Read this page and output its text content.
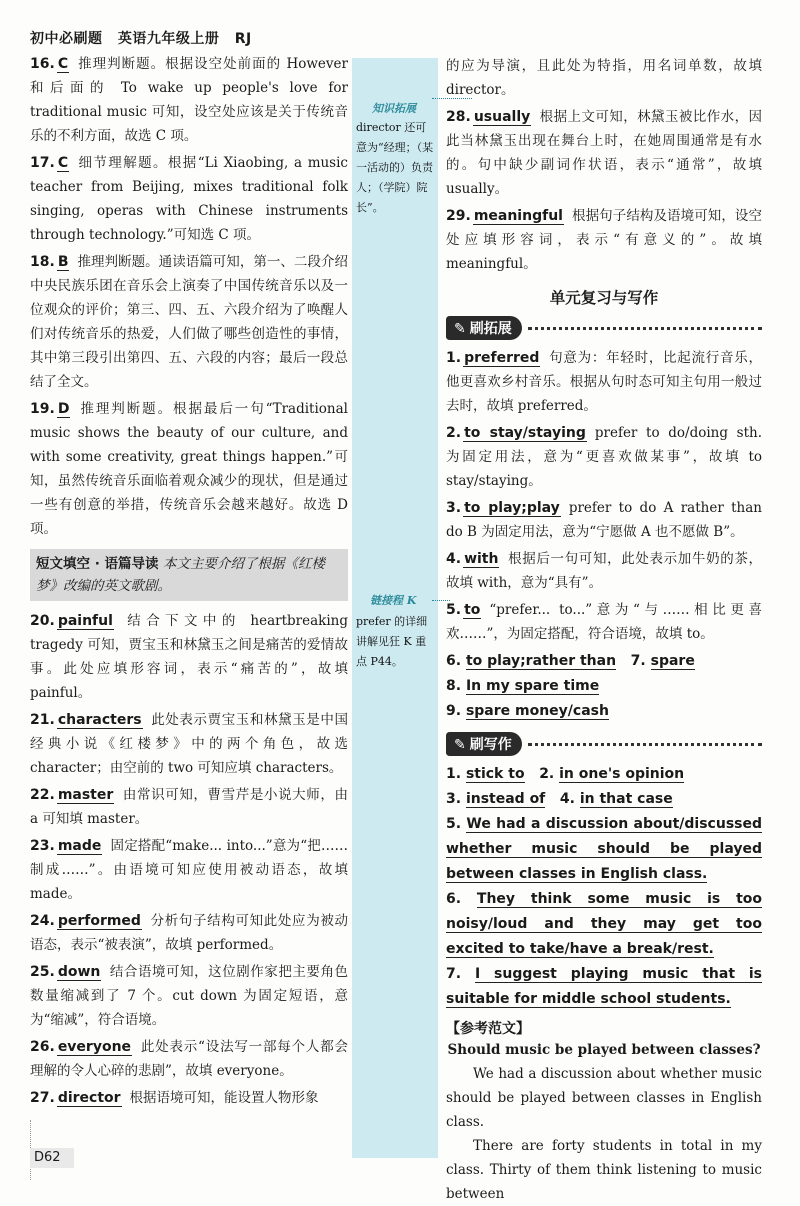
初中必刷题 英语九年级上册 RJ
知识拓展
director 还可意为“经理；（某一活动的）负责人；（学院）院长”。
链接程 K
prefer 的详细讲解见狂 K 重点 P44。
16. C 推理判断题。根据设空处前面的 However 和后面的 To wake up people's love for traditional music 可知，设空处应该是关于传统音乐的不利方面，故选 C 项。
17. C 细节理解题。根据“Li Xiaobing, a music teacher from Beijing, mixes traditional folk singing, operas with Chinese instruments through technology.”可知选 C 项。
18. B 推理判断题。通读语篇可知，第一、二段介绍中央民族乐团在音乐会上演奏了中国传统音乐以及一位观众的评价；第三、四、五、六段介绍为了唤醒人们对传统音乐的热爱，人们做了哪些创造性的事情，其中第三段引出第四、五、六段的内容；最后一段总结了全文。
19. D 推理判断题。根据最后一句“Traditional music shows the beauty of our culture, and with some creativity, great things happen.”可知，虽然传统音乐面临着观众减少的现状，但是通过一些有创意的举措，传统音乐会越来越好。故选 D 项。
短文填空 · 语篇导读 本文主要介绍了根据《红楼梦》改编的英文歌剧。
20. painful 结合下文中的 heartbreaking tragedy 可知，贾宝玉和林黛玉之间是痛苦的爱情故事。此处应填形容词，表示“痛苦的”，故填 painful。
21. characters 此处表示贾宝玉和林黛玉是中国经典小说《红楼梦》中的两个角色，故选 character；由空前的 two 可知应填 characters。
22. master 由常识可知，曹雪芹是小说大师，由 a 可知填 master。
23. made 固定搭配“make... into...”意为“把……制成……”。由语境可知应使用被动语态，故填 made。
24. performed 分析句子结构可知此处应为被动语态，表示“被表演”，故填 performed。
25. down 结合语境可知，这位剧作家把主要角色数量缩减到了 7 个。cut down 为固定短语，意为“缩减”，符合语境。
26. everyone 此处表示“设法写一部每个人都会理解的令人心碎的悲剧”，故填 everyone。
27. director 根据语境可知，能设置人物形象
的应为导演，且此处为特指，用名词单数，故填director。
28. usually 根据上文可知，林黛玉被比作水，因此当林黛玉出现在舞台上时，在她周围通常是有水的。句中缺少副词作状语，表示“通常”，故填 usually。
29. meaningful 根据句子结构及语境可知，设空处应填形容词，表示“有意义的”。故填 meaningful。
单元复习与写作
✎ 刷拓展
1. preferred 句意为：年轻时，比起流行音乐，他更喜欢乡村音乐。根据从句时态可知主句用一般过去时，故填 preferred。
2. to stay/staying prefer to do/doing sth. 为固定用法，意为“更喜欢做某事”，故填 to stay/staying。
3. to play;play prefer to do A rather than do B 为固定用法，意为“宁愿做 A 也不愿做 B”。
4. with 根据后一句可知，此处表示加牛奶的茶，故填 with，意为“具有”。
5. to “prefer... to...”意为“与……相比更喜欢……”，为固定搭配，符合语境，故填 to。
6. to play;rather than 7. spare
8. In my spare time
9. spare money/cash
✎ 刷写作
1. stick to 2. in one's opinion
3. instead of 4. in that case
5. We had a discussion about/discussed whether music should be played between classes in English class.
6. They think some music is too noisy/loud and they may get too excited to take/have a break/rest.
7. I suggest playing music that is suitable for middle school students.
【参考范文】
Should music be played between classes?

We had a discussion about whether music should be played between classes in English class.

There are forty students in total in my class. Thirty of them think listening to music between

D62
